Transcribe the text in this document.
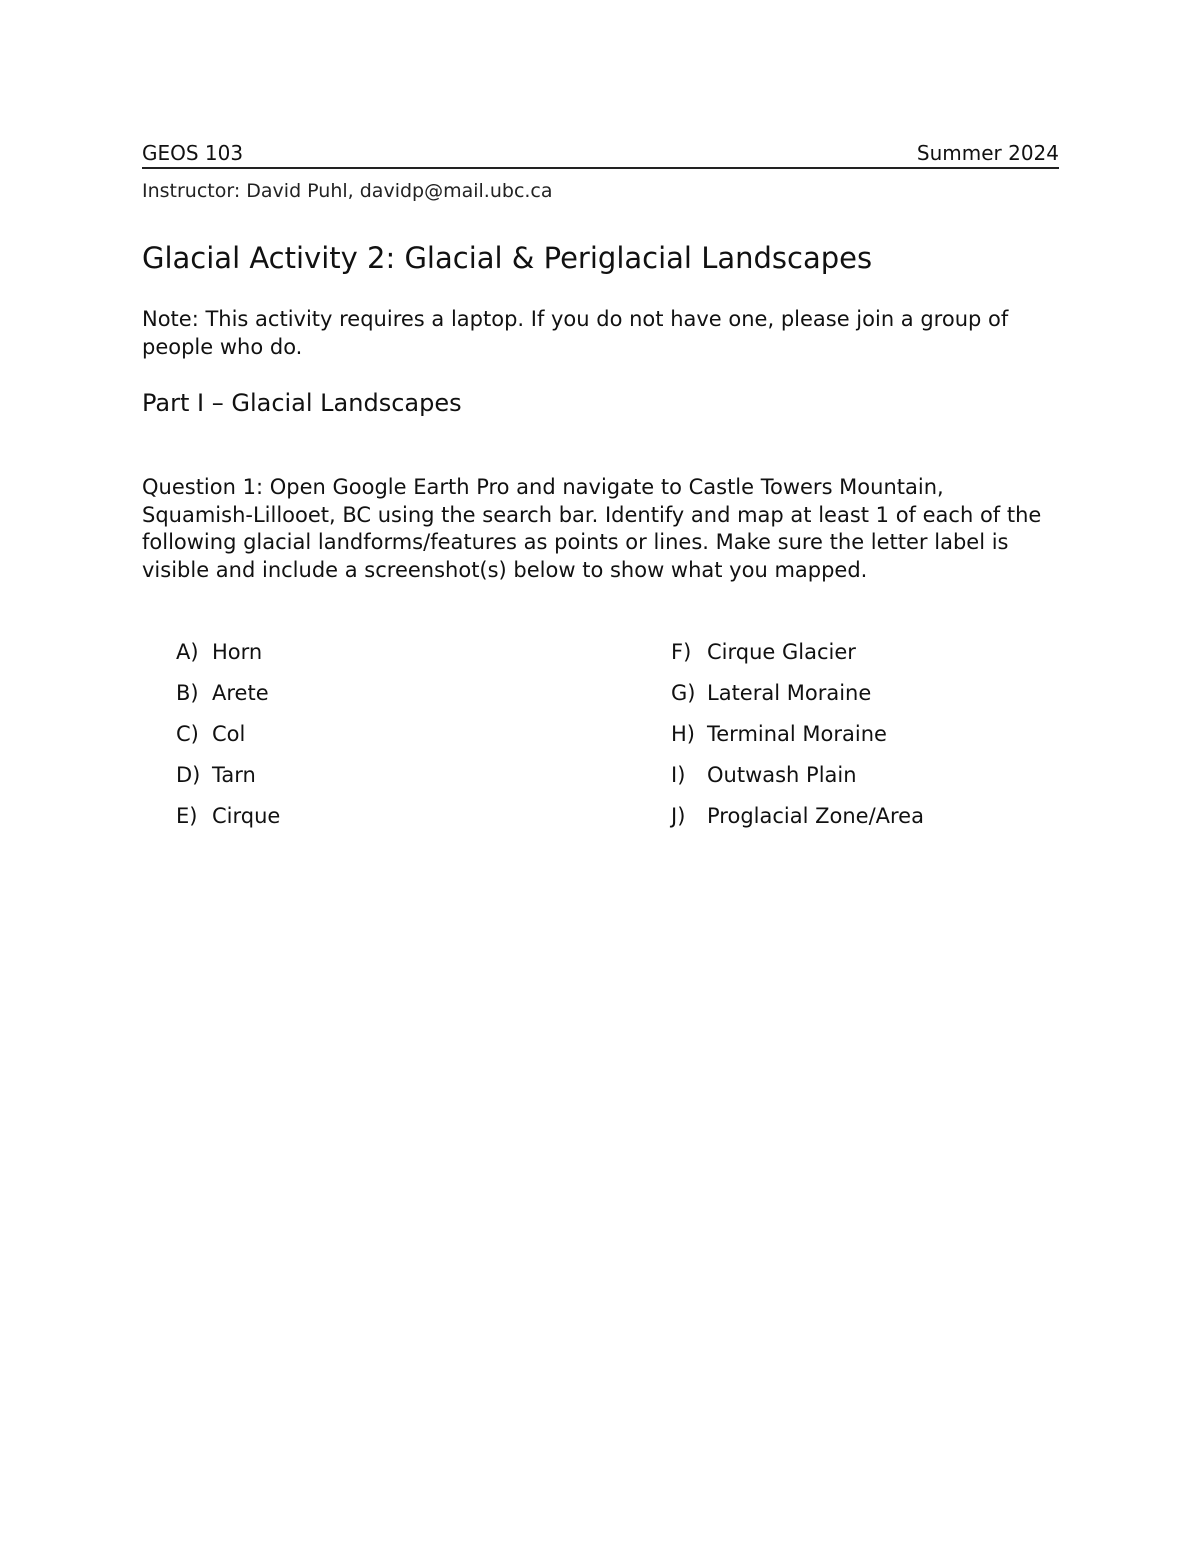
GEOS 103	Summer 2024
Instructor: David Puhl, davidp@mail.ubc.ca
Glacial Activity 2: Glacial & Periglacial Landscapes

Note: This activity requires a laptop. If you do not have one, please join a group of people who do.

Part I – Glacial Landscapes

Question 1: Open Google Earth Pro and navigate to Castle Towers Mountain, Squamish-Lillooet, BC using the search bar. Identify and map at least 1 of each of the following glacial landforms/features as points or lines. Make sure the letter label is visible and include a screenshot(s) below to show what you mapped.

A) Horn
B) Arete
C) Col
D) Tarn
E) Cirque
F) Cirque Glacier
G) Lateral Moraine
H) Terminal Moraine
I)	Outwash Plain
J)	Proglacial Zone/Area
